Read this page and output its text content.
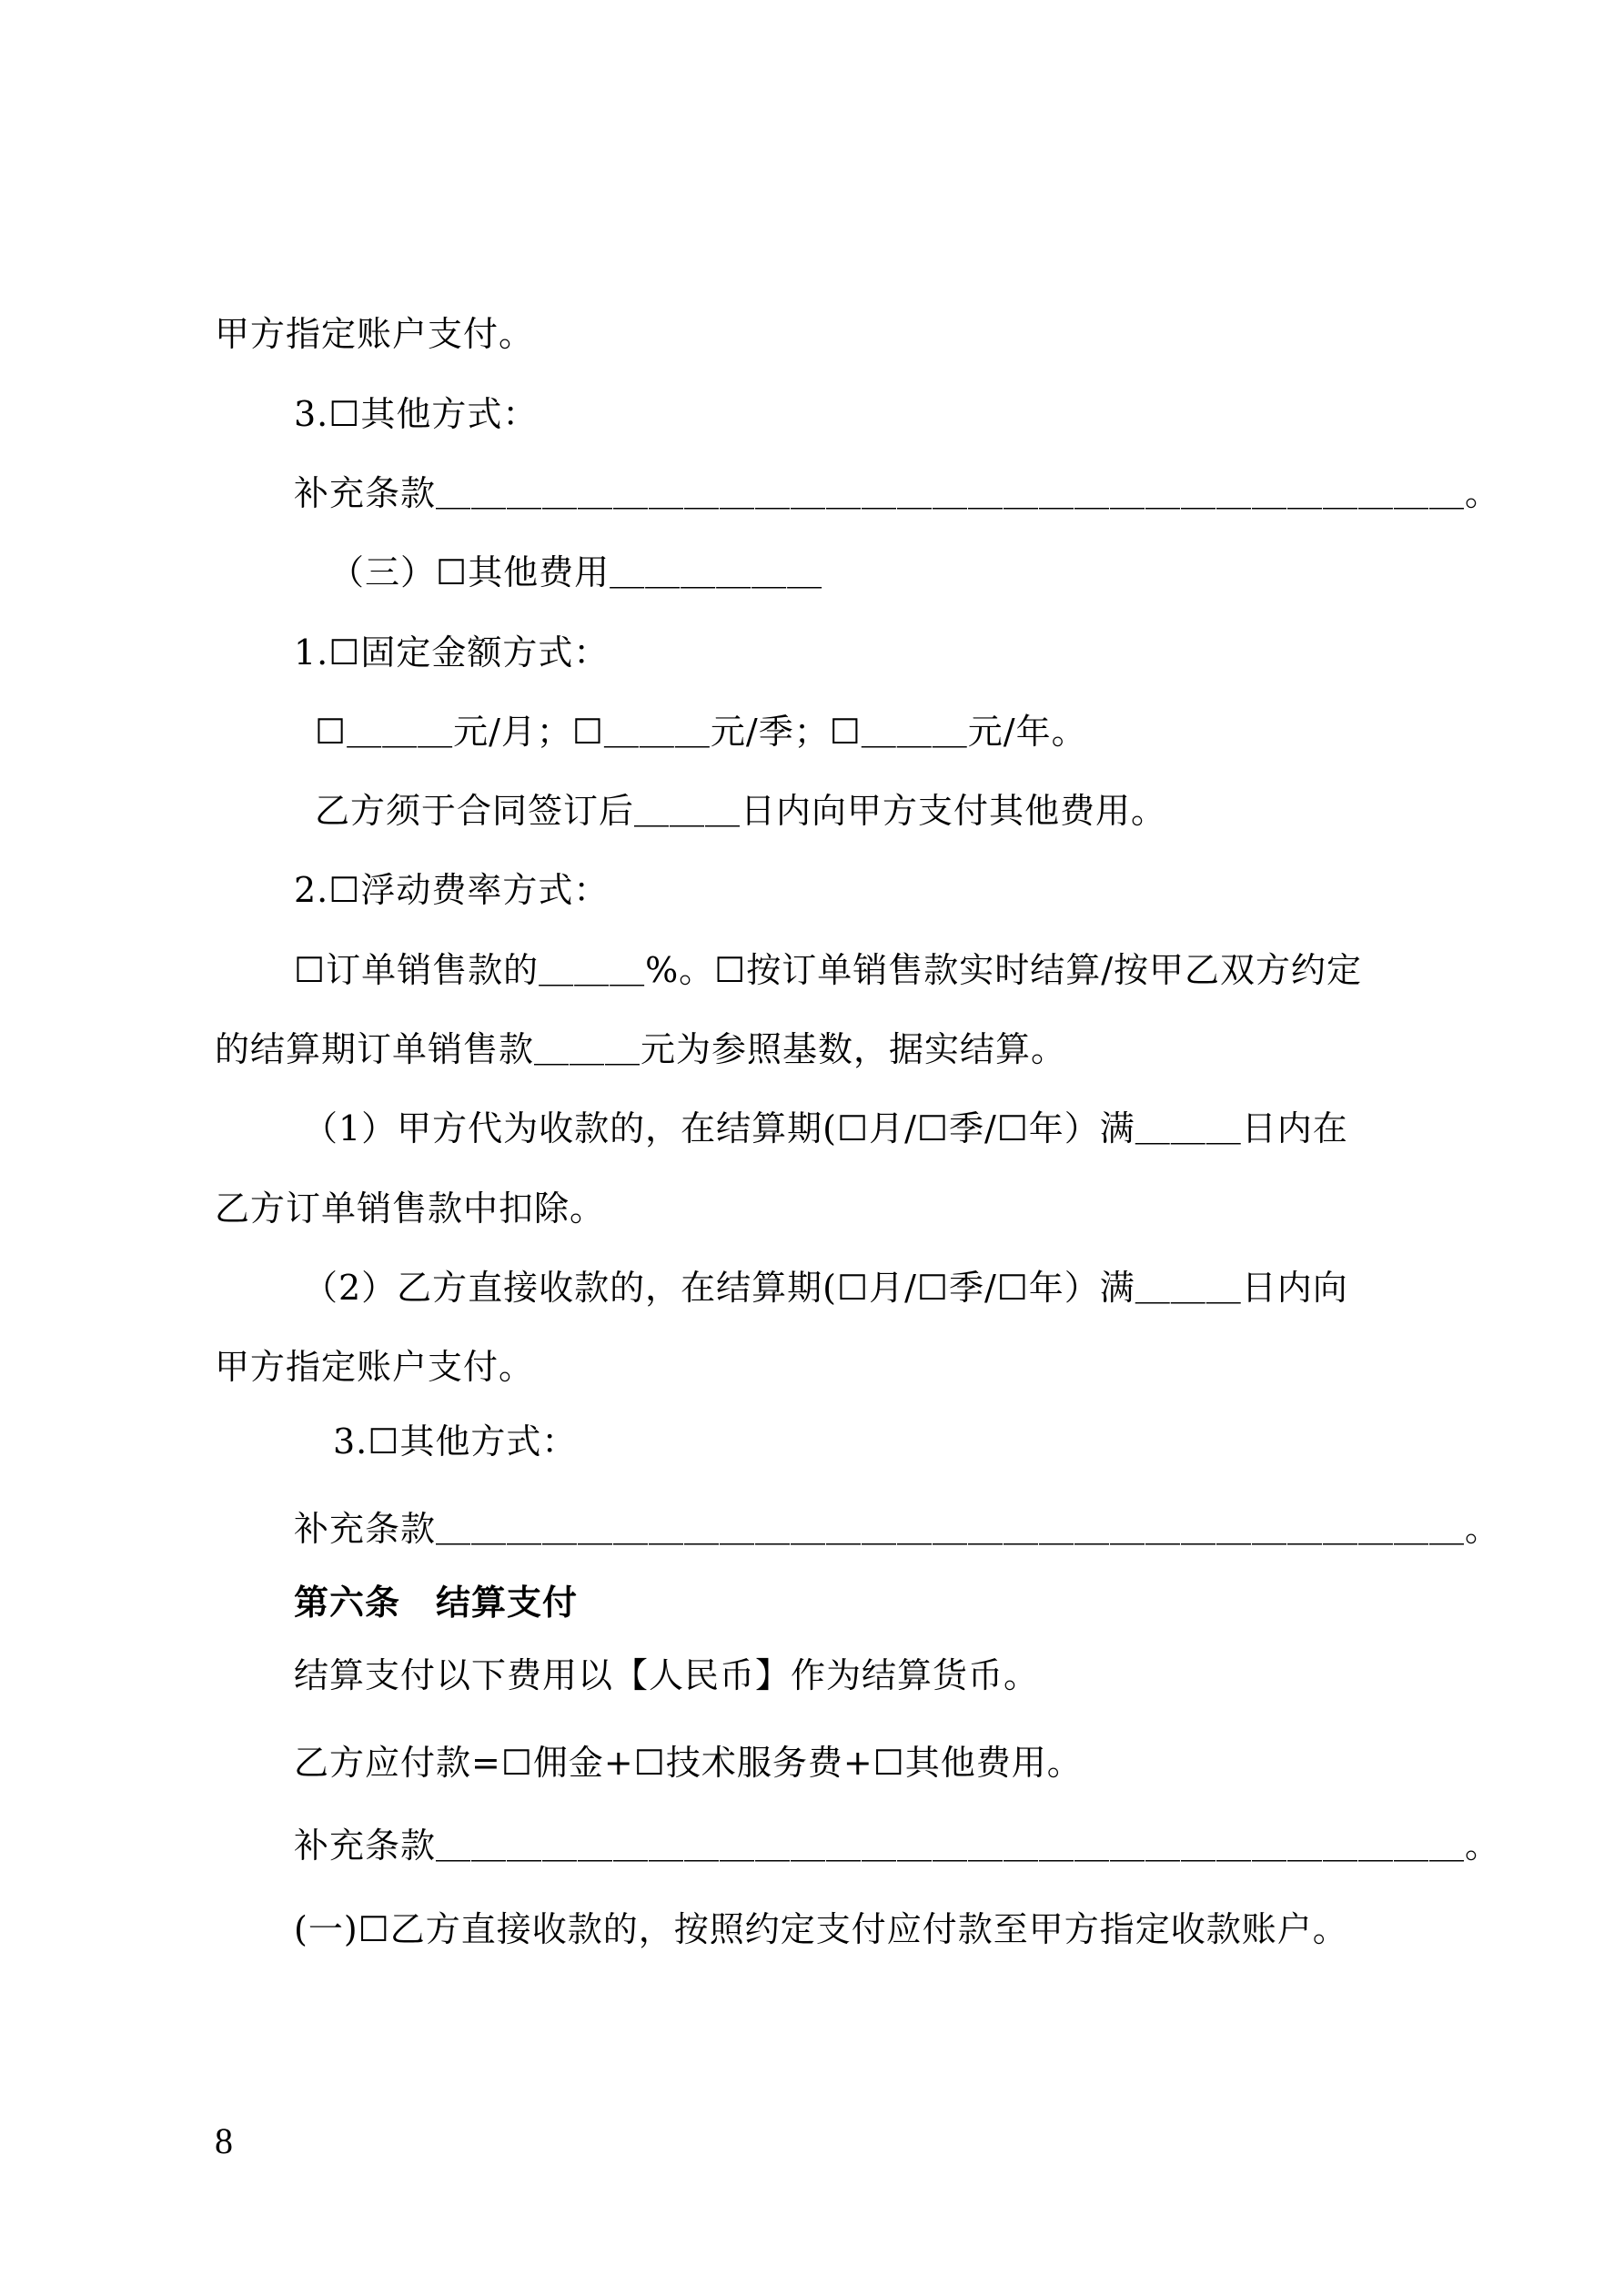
甲方指定账户支付。
3.☐其他方式：
补充条款＿＿＿＿＿＿＿＿＿＿＿＿＿＿＿＿＿＿＿＿＿＿＿＿＿＿＿＿＿。
（三）☐其他费用＿＿＿＿＿＿
1.☐固定金额方式：
☐＿＿＿元/月；☐＿＿＿元/季；☐＿＿＿元/年。
乙方须于合同签订后＿＿＿日内向甲方支付其他费用。
2.☐浮动费率方式：
☐订单销售款的＿＿＿%。☐按订单销售款实时结算/按甲乙双方约定
的结算期订单销售款＿＿＿元为参照基数，据实结算。
（1）甲方代为收款的，在结算期(☐月/☐季/☐年）满＿＿＿日内在
乙方订单销售款中扣除。
（2）乙方直接收款的，在结算期(☐月/☐季/☐年）满＿＿＿日内向
甲方指定账户支付。
3.☐其他方式：
补充条款＿＿＿＿＿＿＿＿＿＿＿＿＿＿＿＿＿＿＿＿＿＿＿＿＿＿＿＿＿。
第六条　结算支付
结算支付以下费用以【人民币】作为结算货币。
乙方应付款=☐佣金+☐技术服务费+☐其他费用。
补充条款＿＿＿＿＿＿＿＿＿＿＿＿＿＿＿＿＿＿＿＿＿＿＿＿＿＿＿＿＿。
(一)☐乙方直接收款的，按照约定支付应付款至甲方指定收款账户。
8
